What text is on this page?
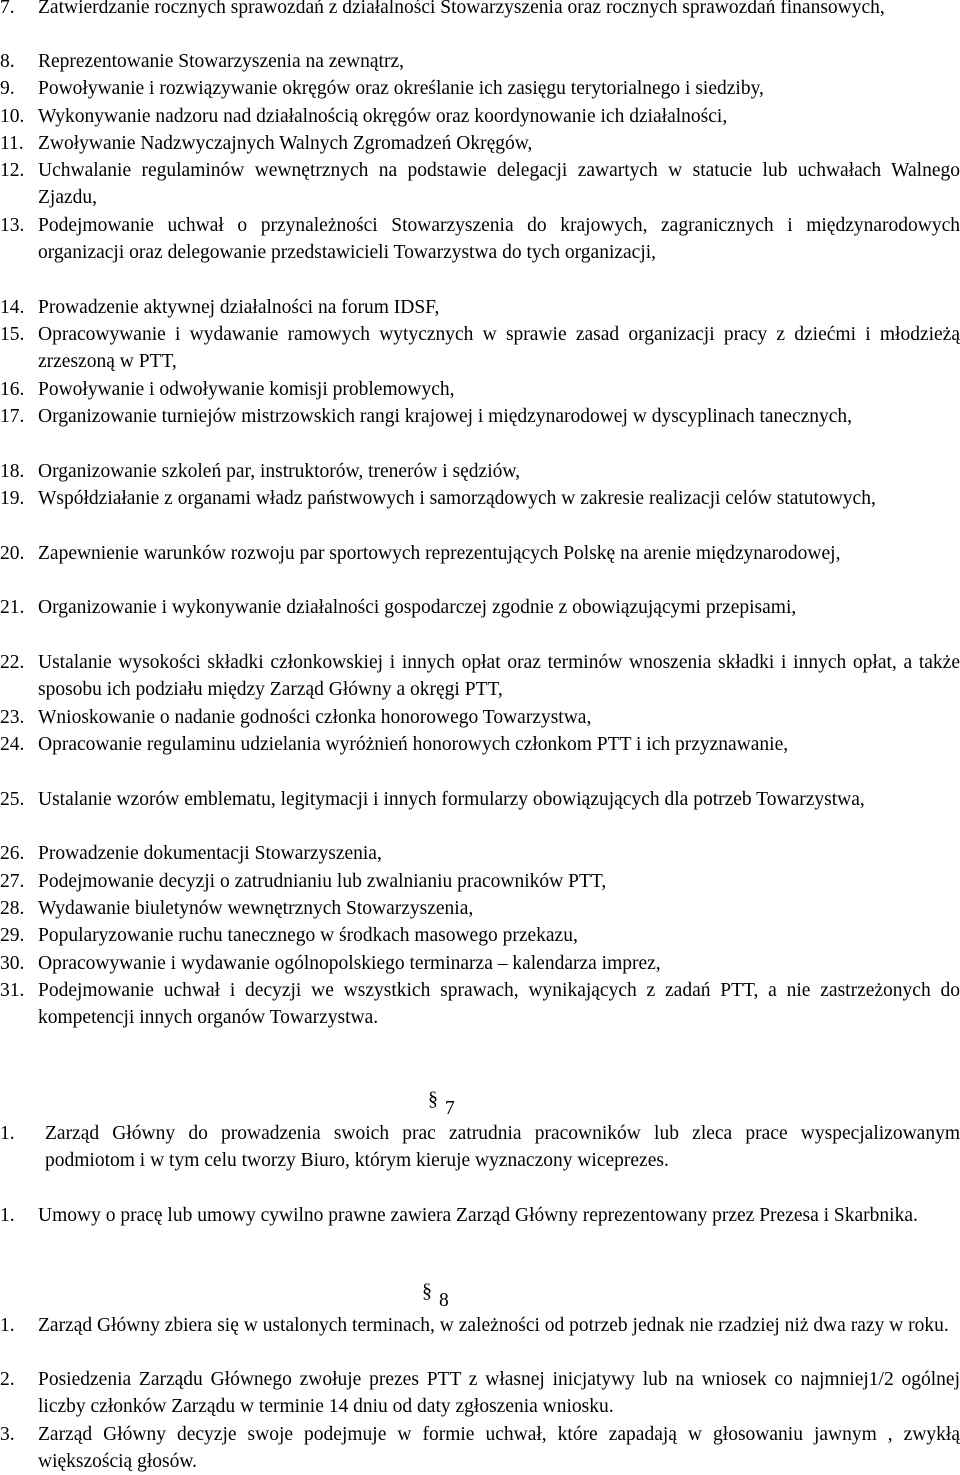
7. Zatwierdzanie rocznych sprawozdań z działalności Stowarzyszenia oraz rocznych sprawozdań finansowych,
8. Reprezentowanie Stowarzyszenia na zewnątrz,
9. Powoływanie i rozwiązywanie okręgów oraz określanie ich zasięgu terytorialnego i siedziby,
10. Wykonywanie nadzoru nad działalnością okręgów oraz koordynowanie ich działalności,
11. Zwoływanie Nadzwyczajnych Walnych Zgromadzeń Okręgów,
12. Uchwalanie regulaminów wewnętrznych na podstawie delegacji zawartych w statucie lub uchwałach Walnego Zjazdu,
13. Podejmowanie uchwał o przynależności Stowarzyszenia do krajowych, zagranicznych i międzynarodowych organizacji oraz delegowanie przedstawicieli Towarzystwa do tych organizacji,
14. Prowadzenie aktywnej działalności na forum IDSF,
15. Opracowywanie i wydawanie ramowych wytycznych w sprawie zasad organizacji pracy z dziećmi i młodzieżą zrzeszoną w PTT,
16. Powoływanie i odwoływanie komisji problemowych,
17. Organizowanie turniejów mistrzowskich rangi krajowej i międzynarodowej w dyscyplinach tanecznych,
18. Organizowanie szkoleń par, instruktorów, trenerów i sędziów,
19. Współdziałanie z organami władz państwowych i samorządowych w zakresie realizacji celów statutowych,
20. Zapewnienie warunków rozwoju par sportowych reprezentujących Polskę na arenie międzynarodowej,
21. Organizowanie i wykonywanie działalności gospodarczej zgodnie z obowiązującymi przepisami,
22. Ustalanie wysokości składki członkowskiej i innych opłat oraz terminów wnoszenia składki i innych opłat, a także sposobu ich podziału między Zarząd Główny a okręgi PTT,
23. Wnioskowanie o nadanie godności członka honorowego Towarzystwa,
24. Opracowanie regulaminu udzielania wyróżnień honorowych członkom PTT i ich przyznawanie,
25. Ustalanie wzorów emblematu, legitymacji i innych formularzy obowiązujących dla potrzeb Towarzystwa,
26. Prowadzenie dokumentacji Stowarzyszenia,
27. Podejmowanie decyzji o zatrudnianiu lub zwalnianiu pracowników PTT,
28. Wydawanie biuletynów wewnętrznych Stowarzyszenia,
29. Popularyzowanie ruchu tanecznego w środkach masowego przekazu,
30. Opracowywanie i wydawanie ogólnopolskiego terminarza – kalendarza imprez,
31. Podejmowanie uchwał i decyzji we wszystkich sprawach, wynikających z zadań PTT, a nie zastrzeżonych do kompetencji innych organów Towarzystwa.
§ 7
1. Zarząd Główny do prowadzenia swoich prac zatrudnia pracowników lub zleca prace wyspecjalizowanym podmiotom i w tym celu tworzy Biuro, którym kieruje wyznaczony wiceprezes.
1. Umowy o pracę lub umowy cywilno prawne zawiera Zarząd Główny reprezentowany przez Prezesa i Skarbnika.
§ 8
1. Zarząd Główny zbiera się w ustalonych terminach, w zależności od potrzeb jednak nie rzadziej niż dwa razy w roku.
2. Posiedzenia Zarządu Głównego zwołuje prezes PTT z własnej inicjatywy lub na wniosek co najmniej1/2 ogólnej liczby członków Zarządu w terminie 14 dniu od daty zgłoszenia wniosku.
3. Zarząd Główny decyzje swoje podejmuje w formie uchwał, które zapadają w głosowaniu jawnym , zwykłą większością głosów.
